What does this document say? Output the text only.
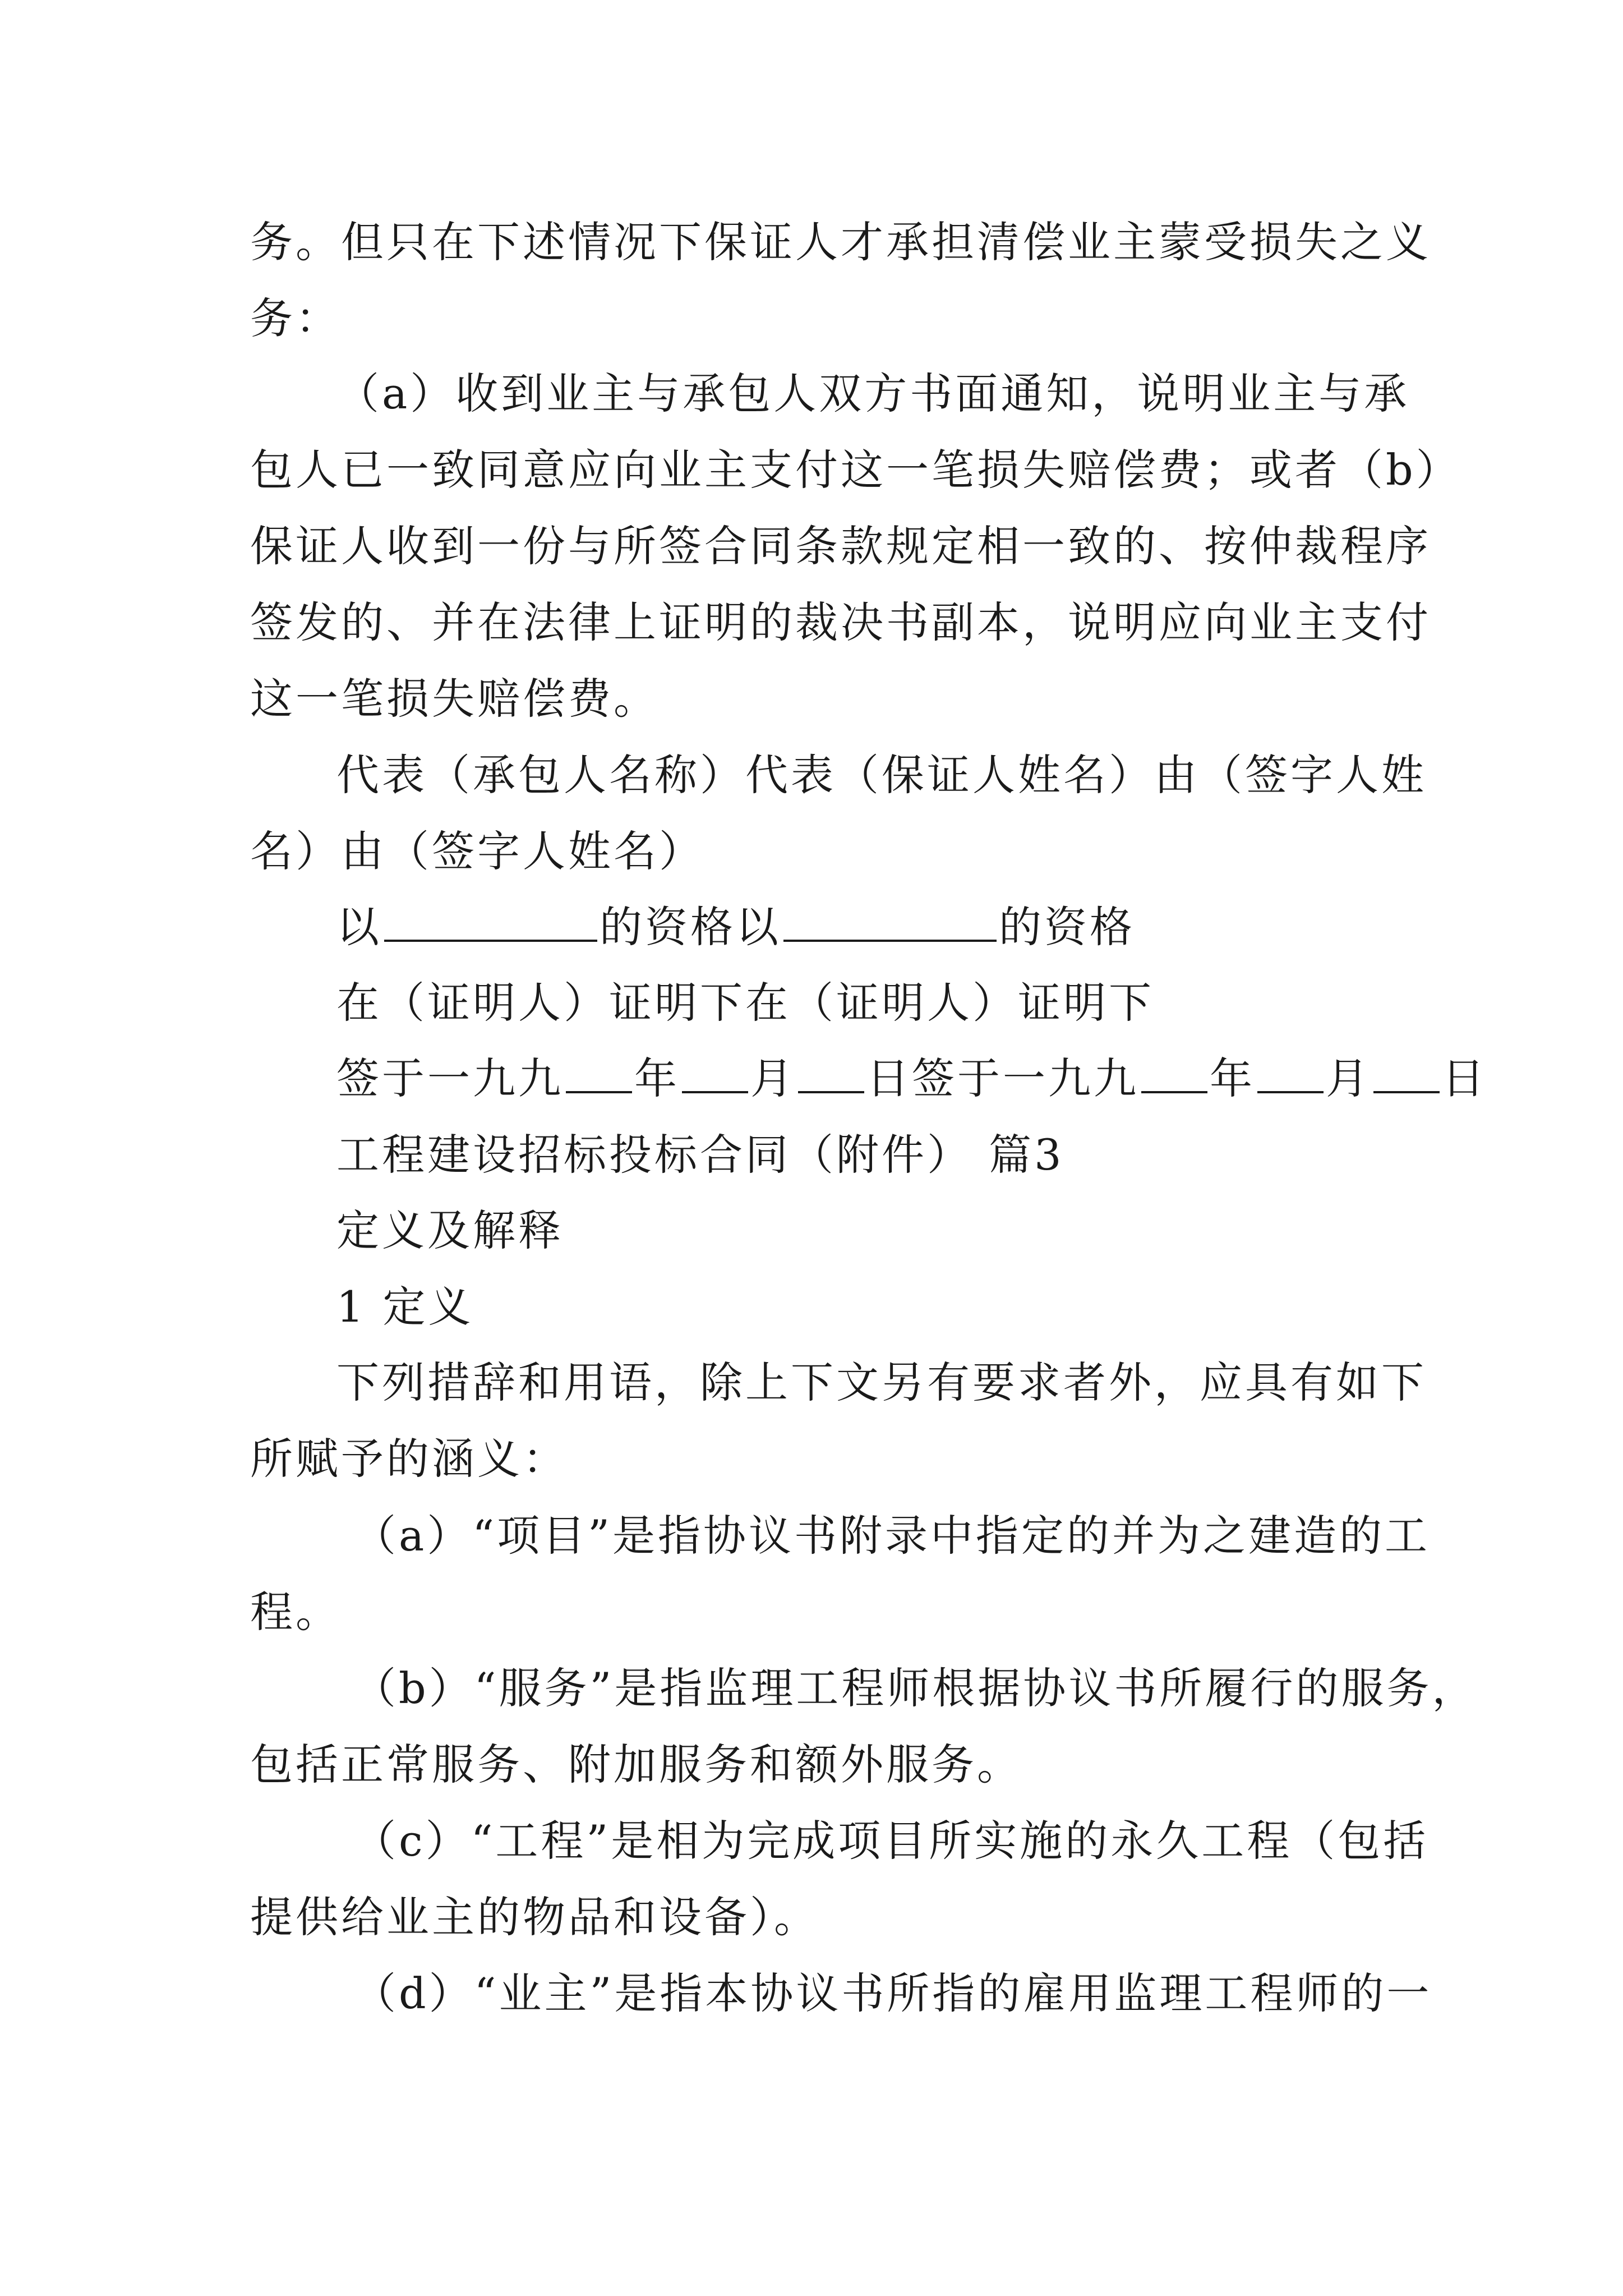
务。但只在下述情况下保证人才承担清偿业主蒙受损失之义
务：
（a）收到业主与承包人双方书面通知，说明业主与承
包人已一致同意应向业主支付这一笔损失赔偿费；或者（b）
保证人收到一份与所签合同条款规定相一致的、按仲裁程序
签发的、并在法律上证明的裁决书副本，说明应向业主支付
这一笔损失赔偿费。
代表（承包人名称）代表（保证人姓名）由（签字人姓
名）由（签字人姓名）
以	的资格以	的资格
在（证明人）证明下在（证明人）证明下
签于一九九 年 月 日签于一九九 年 月 日
工程建设招标投标合同（附件） 篇3
定义及解释
1 定义
下列措辞和用语，除上下文另有要求者外，应具有如下
所赋予的涵义：
（a）“项目”是指协议书附录中指定的并为之建造的工
程。
（b）“服务”是指监理工程师根据协议书所履行的服务，
包括正常服务、附加服务和额外服务。
（c）“工程”是相为完成项目所实施的永久工程（包括
提供给业主的物品和设备）。
（d）“业主”是指本协议书所指的雇用监理工程师的一
